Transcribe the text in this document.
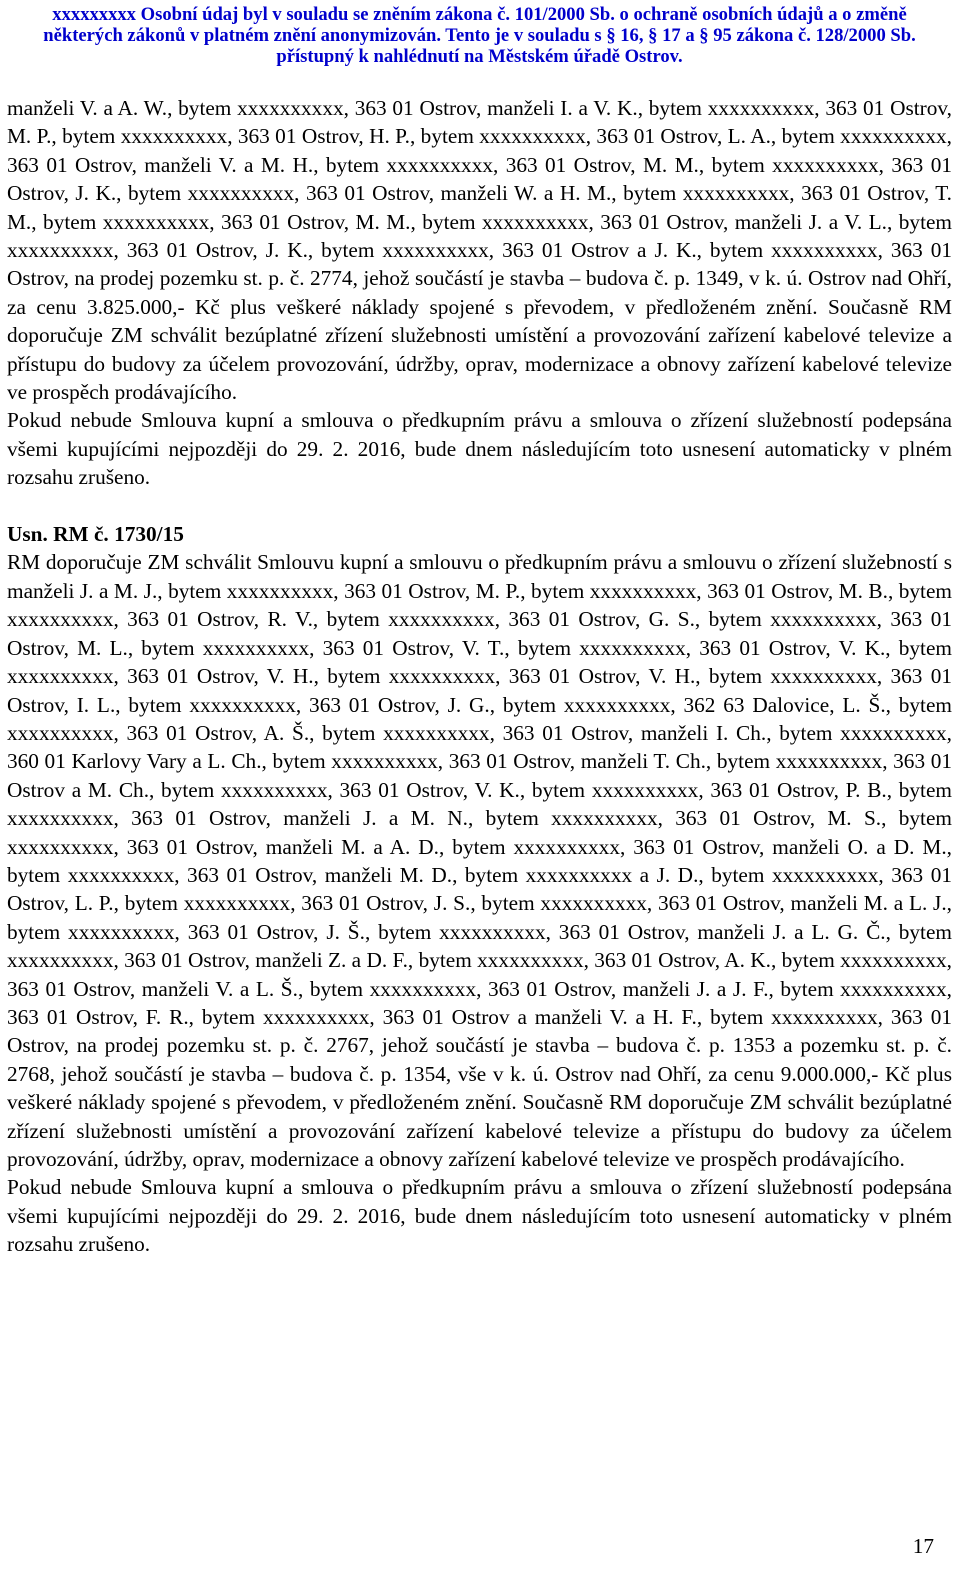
xxxxxxxxx Osobní údaj byl v souladu se zněním zákona č. 101/2000 Sb. o ochraně osobních údajů a o změně
některých zákonů v platném znění anonymizován. Tento je v souladu s § 16, § 17 a § 95 zákona č. 128/2000 Sb.
přístupný k nahlédnutí na Městském úřadě Ostrov.

manželi V. a A. W., bytem xxxxxxxxxx, 363 01 Ostrov, manželi I. a V. K., bytem xxxxxxxxxx, 363 01 Ostrov, M. P., bytem xxxxxxxxxx, 363 01 Ostrov, H. P., bytem xxxxxxxxxx, 363 01 Ostrov, L. A., bytem xxxxxxxxxx, 363 01 Ostrov, manželi V. a M. H., bytem xxxxxxxxxx, 363 01 Ostrov, M. M., bytem xxxxxxxxxx, 363 01 Ostrov, J. K., bytem xxxxxxxxxx, 363 01 Ostrov, manželi W. a H. M., bytem xxxxxxxxxx, 363 01 Ostrov, T. M., bytem xxxxxxxxxx, 363 01 Ostrov, M. M., bytem xxxxxxxxxx, 363 01 Ostrov, manželi J. a V. L., bytem xxxxxxxxxx, 363 01 Ostrov, J. K., bytem xxxxxxxxxx, 363 01 Ostrov a J. K., bytem xxxxxxxxxx, 363 01 Ostrov, na prodej pozemku st. p. č. 2774, jehož součástí je stavba – budova č. p. 1349, v k. ú. Ostrov nad Ohří, za cenu 3.825.000,- Kč plus veškeré náklady spojené s převodem, v předloženém znění. Současně RM doporučuje ZM schválit bezúplatné zřízení služebnosti umístění a provozování zařízení kabelové televize a přístupu do budovy za účelem provozování, údržby, oprav, modernizace a obnovy zařízení kabelové televize ve prospěch prodávajícího.

Pokud nebude Smlouva kupní a smlouva o předkupním právu a smlouva o zřízení služebností podepsána všemi kupujícími nejpozději do 29. 2. 2016, bude dnem následujícím toto usnesení automaticky v plném rozsahu zrušeno.

Usn. RM č. 1730/15

RM doporučuje ZM schválit Smlouvu kupní a smlouvu o předkupním právu a smlouvu o zřízení služebností s manželi J. a M. J., bytem xxxxxxxxxx, 363 01 Ostrov, M. P., bytem xxxxxxxxxx, 363 01 Ostrov, M. B., bytem xxxxxxxxxx, 363 01 Ostrov, R. V., bytem xxxxxxxxxx, 363 01 Ostrov, G. S., bytem xxxxxxxxxx, 363 01 Ostrov, M. L., bytem xxxxxxxxxx, 363 01 Ostrov, V. T., bytem xxxxxxxxxx, 363 01 Ostrov, V. K., bytem xxxxxxxxxx, 363 01 Ostrov, V. H., bytem xxxxxxxxxx, 363 01 Ostrov, V. H., bytem xxxxxxxxxx, 363 01 Ostrov, I. L., bytem xxxxxxxxxx, 363 01 Ostrov, J. G., bytem xxxxxxxxxx, 362 63 Dalovice, L. Š., bytem xxxxxxxxxx, 363 01 Ostrov, A. Š., bytem xxxxxxxxxx, 363 01 Ostrov, manželi I. Ch., bytem xxxxxxxxxx, 360 01 Karlovy Vary a L. Ch., bytem xxxxxxxxxx, 363 01 Ostrov, manželi T. Ch., bytem xxxxxxxxxx, 363 01 Ostrov a M. Ch., bytem xxxxxxxxxx, 363 01 Ostrov, V. K., bytem xxxxxxxxxx, 363 01 Ostrov, P. B., bytem xxxxxxxxxx, 363 01 Ostrov, manželi J. a M. N., bytem xxxxxxxxxx, 363 01 Ostrov, M. S., bytem xxxxxxxxxx, 363 01 Ostrov, manželi M. a A. D., bytem xxxxxxxxxx, 363 01 Ostrov, manželi O. a D. M., bytem xxxxxxxxxx, 363 01 Ostrov, manželi M. D., bytem xxxxxxxxxx a J. D., bytem xxxxxxxxxx, 363 01 Ostrov, L. P., bytem xxxxxxxxxx, 363 01 Ostrov, J. S., bytem xxxxxxxxxx, 363 01 Ostrov, manželi M. a L. J., bytem xxxxxxxxxx, 363 01 Ostrov, J. Š., bytem xxxxxxxxxx, 363 01 Ostrov, manželi J. a L. G. Č., bytem xxxxxxxxxx, 363 01 Ostrov, manželi Z. a D. F., bytem xxxxxxxxxx, 363 01 Ostrov, A. K., bytem xxxxxxxxxx, 363 01 Ostrov, manželi V. a L. Š., bytem xxxxxxxxxx, 363 01 Ostrov, manželi J. a J. F., bytem xxxxxxxxxx, 363 01 Ostrov, F. R., bytem xxxxxxxxxx, 363 01 Ostrov a manželi V. a H. F., bytem xxxxxxxxxx, 363 01 Ostrov, na prodej pozemku st. p. č. 2767, jehož součástí je stavba – budova č. p. 1353 a pozemku st. p. č. 2768, jehož součástí je stavba – budova č. p. 1354, vše v k. ú. Ostrov nad Ohří, za cenu 9.000.000,- Kč plus veškeré náklady spojené s převodem, v předloženém znění. Současně RM doporučuje ZM schválit bezúplatné zřízení služebnosti umístění a provozování zařízení kabelové televize a přístupu do budovy za účelem provozování, údržby, oprav, modernizace a obnovy zařízení kabelové televize ve prospěch prodávajícího.

Pokud nebude Smlouva kupní a smlouva o předkupním právu a smlouva o zřízení služebností podepsána všemi kupujícími nejpozději do 29. 2. 2016, bude dnem následujícím toto usnesení automaticky v plném rozsahu zrušeno.

17
